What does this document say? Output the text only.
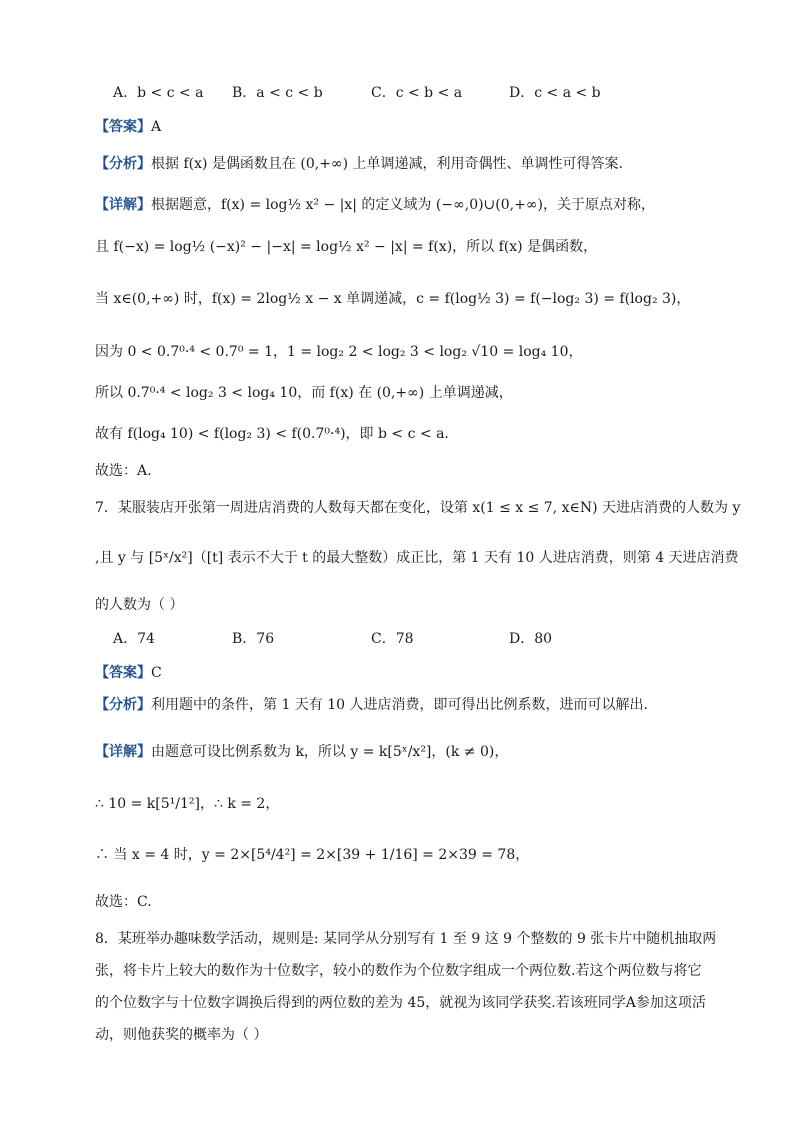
A．b < c < a B．a < c < b	C．c < b < a	D．c < a < b
【答案】A
【分析】根据 f(x) 是偶函数且在 (0,+∞) 上单调递减，利用奇偶性、单调性可得答案.
【详解】根据题意，f(x) = log½ x² − |x| 的定义域为 (−∞,0)∪(0,+∞)，关于原点对称，
且 f(−x) = log½ (−x)² − |−x| = log½ x² − |x| = f(x)，所以 f(x) 是偶函数，
当 x∈(0,+∞) 时，f(x) = 2log½ x − x 单调递减，c = f(log½ 3) = f(−log₂ 3) = f(log₂ 3)，
因为 0 < 0.7⁰·⁴ < 0.7⁰ = 1，1 = log₂ 2 < log₂ 3 < log₂ √10 = log₄ 10，
所以 0.7⁰·⁴ < log₂ 3 < log₄ 10，而 f(x) 在 (0,+∞) 上单调递减，
故有 f(log₄ 10) < f(log₂ 3) < f(0.7⁰·⁴)，即 b < c < a.
故选：A.
7．某服装店开张第一周进店消费的人数每天都在变化，设第 x(1 ≤ x ≤ 7, x∈N) 天进店消费的人数为 y
,且 y 与 [5ˣ/x²]（[t] 表示不大于 t 的最大整数）成正比，第 1 天有 10 人进店消费，则第 4 天进店消费
的人数为（ ）
A．74	B．76	C．78	D．80
【答案】C
【分析】利用题中的条件，第 1 天有 10 人进店消费，即可得出比例系数，进而可以解出.
【详解】由题意可设比例系数为 k，所以 y = k[5ˣ/x²]，(k ≠ 0)，
∴ 10 = k[5¹/1²]，∴ k = 2，
∴ 当 x = 4 时，y = 2×[5⁴/4²] = 2×[39 + 1/16] = 2×39 = 78，
故选：C.
8．某班举办趣味数学活动，规则是: 某同学从分别写有 1 至 9 这 9 个整数的 9 张卡片中随机抽取两
张，将卡片上较大的数作为十位数字，较小的数作为个位数字组成一个两位数.若这个两位数与将它
的个位数字与十位数字调换后得到的两位数的差为 45，就视为该同学获奖.若该班同学A参加这项活
动，则他获奖的概率为（ ）
